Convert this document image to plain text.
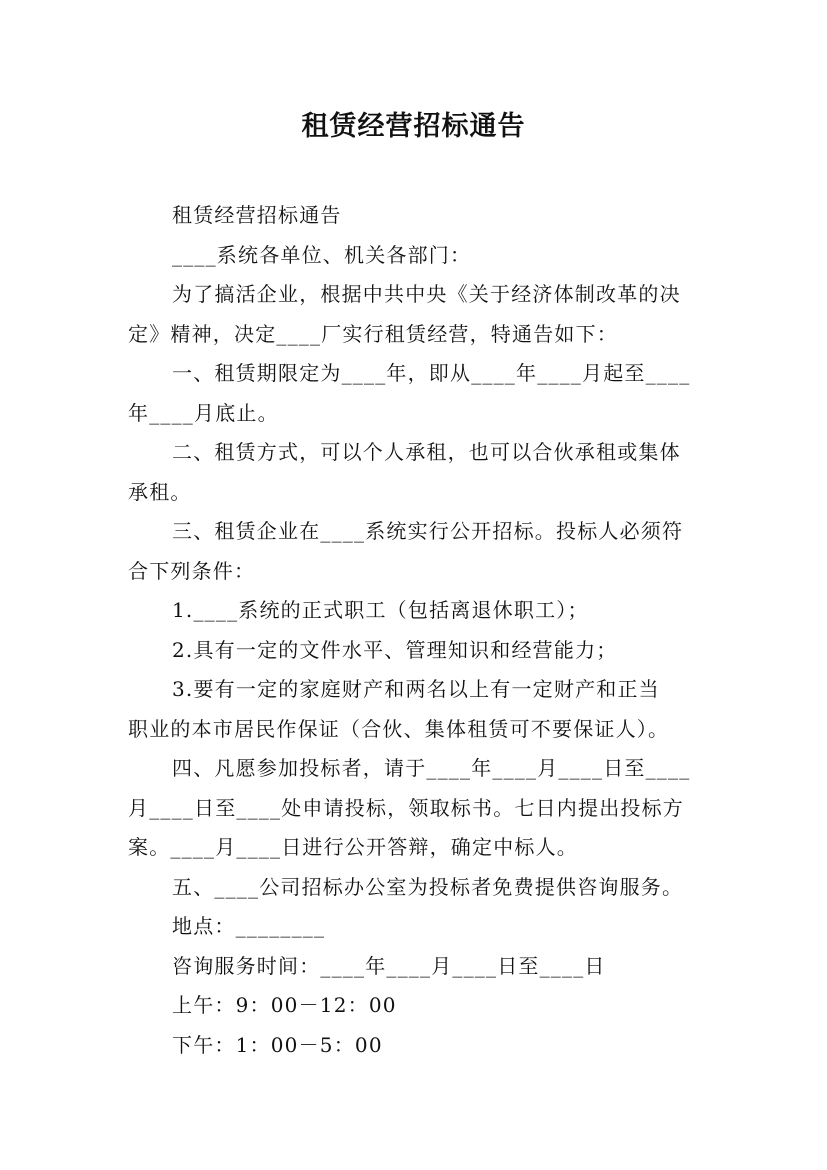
租赁经营招标通告

租赁经营招标通告

____系统各单位、机关各部门：

为了搞活企业，根据中共中央《关于经济体制改革的决

定》精神，决定____厂实行租赁经营，特通告如下：

一、租赁期限定为____年，即从____年____月起至____

年____月底止。

二、租赁方式，可以个人承租，也可以合伙承租或集体

承租。

三、租赁企业在____系统实行公开招标。投标人必须符

合下列条件：

1.____系统的正式职工（包括离退休职工）；

2.具有一定的文件水平、管理知识和经营能力；

3.要有一定的家庭财产和两名以上有一定财产和正当

职业的本市居民作保证（合伙、集体租赁可不要保证人）。

四、凡愿参加投标者，请于____年____月____日至____

月____日至____处申请投标，领取标书。七日内提出投标方

案。____月____日进行公开答辩，确定中标人。

五、____公司招标办公室为投标者免费提供咨询服务。

地点：________

咨询服务时间：____年____月____日至____日

上午：9：00－12：00

下午：1：00－5：00
